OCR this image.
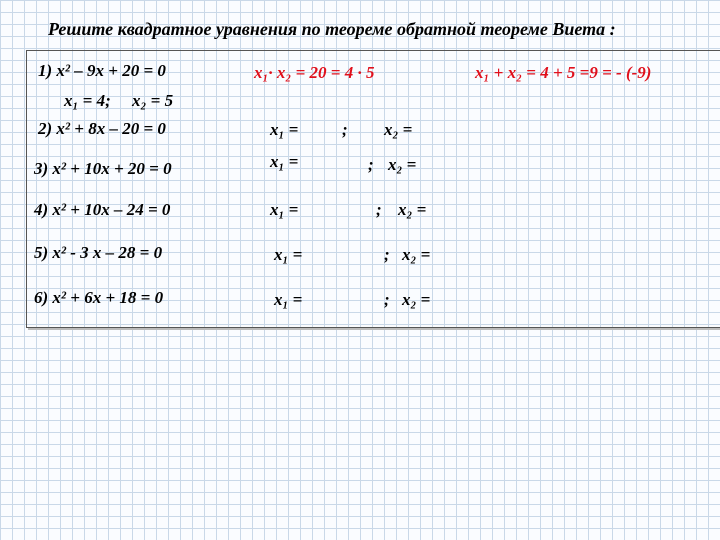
Решите квадратное уравнения по теореме обратной теореме Виета :
1) x² – 9x + 20 = 0	x₁· x₂ = 20 = 4 · 5	x₁ + x₂ = 4 + 5 =9 = - (-9)
x₁ = 4; x₂ = 5
2) x² + 8x – 20 = 0	x₁ =	; x₂ =
3) x² + 10x + 20 = 0	x₁ =	; x₂ =
4) x² + 10x – 24 = 0	x₁ =	; x₂ =
5) x² - 3 x – 28 = 0	x₁ =	; x₂ =
6) x² + 6x + 18 = 0	x₁ =	; x₂ =
